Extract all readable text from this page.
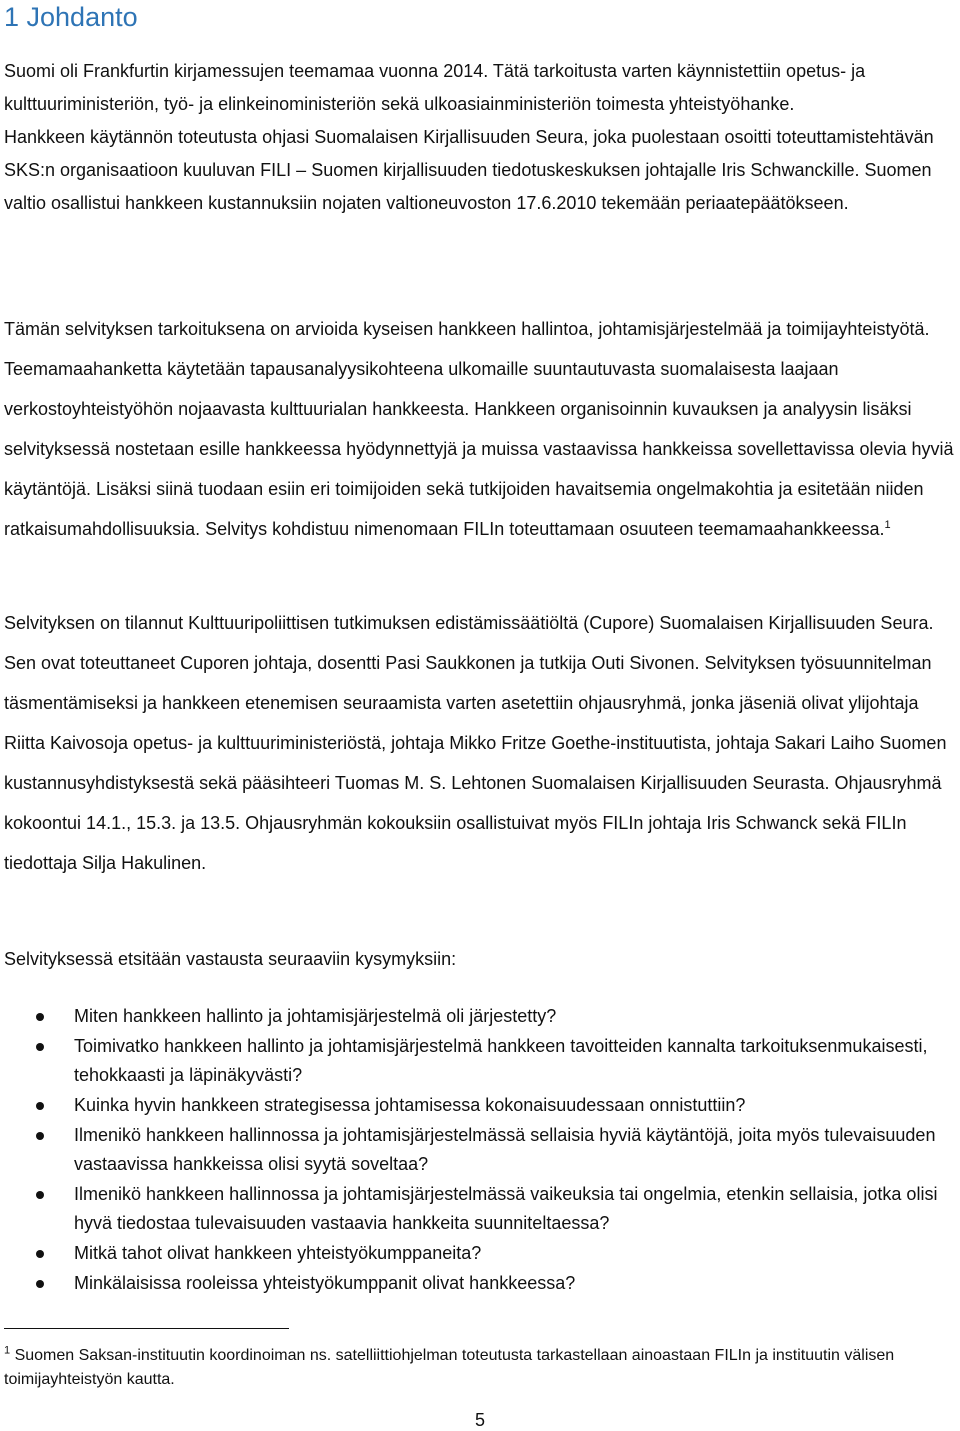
1 Johdanto
Suomi oli Frankfurtin kirjamessujen teemamaa vuonna 2014. Tätä tarkoitusta varten käynnistettiin opetus- ja kulttuuriministeriön, työ- ja elinkeinoministeriön sekä ulkoasiainministeriön toimesta yhteistyöhanke.
Hankkeen käytännön toteutusta ohjasi Suomalaisen Kirjallisuuden Seura, joka puolestaan osoitti toteuttamistehtävän SKS:n organisaatioon kuuluvan FILI – Suomen kirjallisuuden tiedotuskeskuksen johtajalle Iris Schwanckille. Suomen valtio osallistui hankkeen kustannuksiin nojaten valtioneuvoston 17.6.2010 tekemään periaatepäätökseen.

Tämän selvityksen tarkoituksena on arvioida kyseisen hankkeen hallintoa, johtamisjärjestelmää ja toimijayhteistyötä. Teemamaahanketta käytetään tapausanalyysikohteena ulkomaille suuntautuvasta suomalaisesta laajaan verkostoyhteistyöhön nojaavasta kulttuurialan hankkeesta. Hankkeen organisoinnin kuvauksen ja analyysin lisäksi selvityksessä nostetaan esille hankkeessa hyödynnettyjä ja muissa vastaavissa hankkeissa sovellettavissa olevia hyviä käytäntöjä. Lisäksi siinä tuodaan esiin eri toimijoiden sekä tutkijoiden havaitsemia ongelmakohtia ja esitetään niiden ratkaisumahdollisuuksia. Selvitys kohdistuu nimenomaan FILIn toteuttamaan osuuteen teemamaahankkeessa.$^1$

Selvityksen on tilannut Kulttuuripoliittisen tutkimuksen edistämissäätiöltä (Cupore) Suomalaisen Kirjallisuuden Seura. Sen ovat toteuttaneet Cuporen johtaja, dosentti Pasi Saukkonen ja tutkija Outi Sivonen. Selvityksen työsuunnitelman täsmentämiseksi ja hankkeen etenemisen seuraamista varten asetettiin ohjausryhmä, jonka jäseniä olivat ylijohtaja Riitta Kaivosoja opetus- ja kulttuuriministeriöstä, johtaja Mikko Fritze Goethe-instituutista, johtaja Sakari Laiho Suomen kustannusyhdistyksestä sekä pääsihteeri Tuomas M. S. Lehtonen Suomalaisen Kirjallisuuden Seurasta. Ohjausryhmä kokoontui 14.1., 15.3. ja 13.5. Ohjausryhmän kokouksiin osallistuivat myös FILIn johtaja Iris Schwanck sekä FILIn tiedottaja Silja Hakulinen.

Selvityksessä etsitään vastausta seuraaviin kysymyksiin:

Miten hankkeen hallinto ja johtamisjärjestelmä oli järjestetty?
Toimivatko hankkeen hallinto ja johtamisjärjestelmä hankkeen tavoitteiden kannalta tarkoituksenmukaisesti, tehokkaasti ja läpinäkyvästi?
Kuinka hyvin hankkeen strategisessa johtamisessa kokonaisuudessaan onnistuttiin?
Ilmenikö hankkeen hallinnossa ja johtamisjärjestelmässä sellaisia hyviä käytäntöjä, joita myös tulevaisuuden vastaavissa hankkeissa olisi syytä soveltaa?
Ilmenikö hankkeen hallinnossa ja johtamisjärjestelmässä vaikeuksia tai ongelmia, etenkin sellaisia, jotka olisi hyvä tiedostaa tulevaisuuden vastaavia hankkeita suunniteltaessa?
Mitkä tahot olivat hankkeen yhteistyökumppaneita?
Minkälaisissa rooleissa yhteistyökumppanit olivat hankkeessa?

$^1$ Suomen Saksan-instituutin koordinoiman ns. satelliittiohjelman toteutusta tarkastellaan ainoastaan FILIn ja instituutin välisen toimijayhteistyön kautta.

5
